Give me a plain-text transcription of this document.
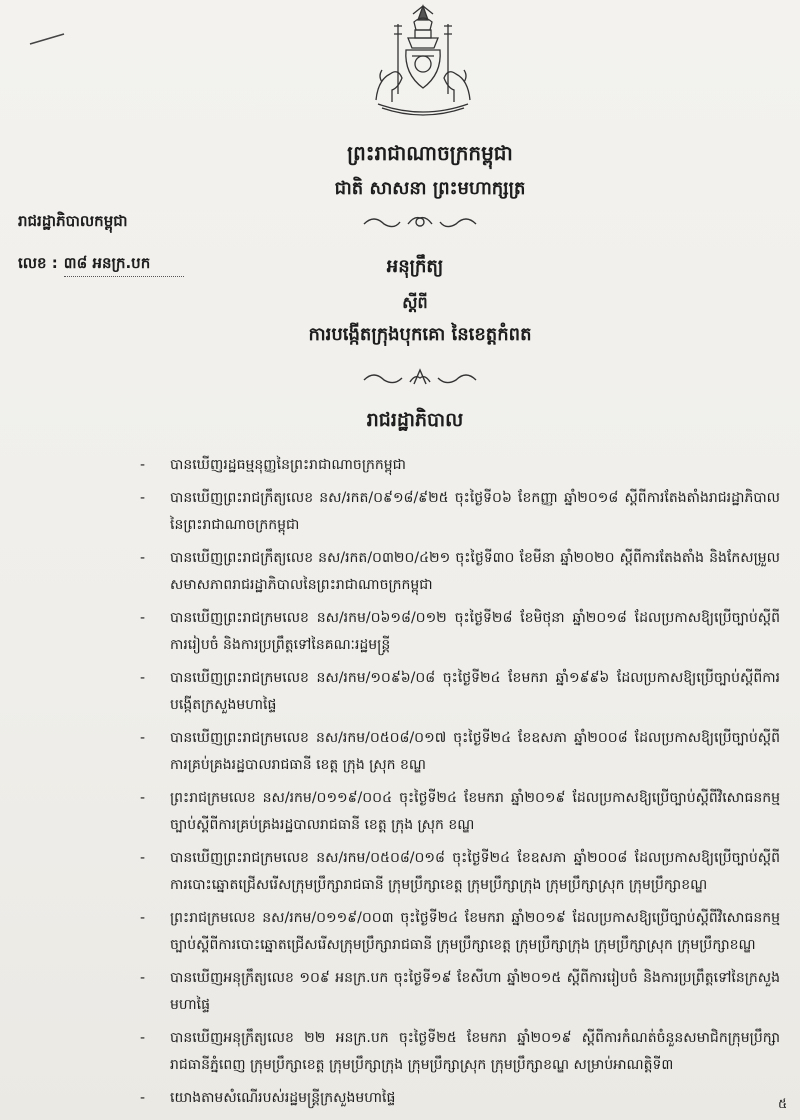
ព្រះរាជាណាចក្រកម្ពុជា
ជាតិ សាសនា ព្រះមហាក្សត្រ
រាជរដ្ឋាភិបាលកម្ពុជា
លេខ : ៣៨ អនក្រ.បក	អនុក្រឹត្យ
ស្តីពី
ការបង្កើតក្រុងបុកគោ នៃខេត្តកំពត
រាជរដ្ឋាភិបាល
- បានឃើញរដ្ឋធម្មនុញ្ញនៃព្រះរាជាណាចក្រកម្ពុជា
- បានឃើញព្រះរាជក្រឹត្យលេខ នស/រកត/០៩១៨/៩២៥ ចុះថ្ងៃទី០៦ ខែកញ្ញា ឆ្នាំ២០១៨ ស្តីពីការតែងតាំងរាជរដ្ឋាភិបាលនៃព្រះរាជាណាចក្រកម្ពុជា
- បានឃើញព្រះរាជក្រឹត្យលេខ នស/រកត/០៣២០/៤២១ ចុះថ្ងៃទី៣០ ខែមីនា ឆ្នាំ២០២០ ស្តីពីការតែងតាំង និងកែសម្រួលសមាសភាពរាជរដ្ឋាភិបាលនៃព្រះរាជាណាចក្រកម្ពុជា
- បានឃើញព្រះរាជក្រមលេខ នស/រកម/០៦១៨/០១២ ចុះថ្ងៃទី២៨ ខែមិថុនា ឆ្នាំ២០១៨ ដែលប្រកាសឱ្យប្រើច្បាប់ស្តីពីការរៀបចំ និងការប្រព្រឹត្តទៅនៃគណៈរដ្ឋមន្ត្រី
- បានឃើញព្រះរាជក្រមលេខ នស/រកម/១០៩៦/០៨ ចុះថ្ងៃទី២៤ ខែមករា ឆ្នាំ១៩៩៦ ដែលប្រកាសឱ្យប្រើច្បាប់ស្តីពីការបង្កើតក្រសួងមហាផ្ទៃ
- បានឃើញព្រះរាជក្រមលេខ នស/រកម/០៥០៨/០១៧ ចុះថ្ងៃទី២៤ ខែឧសភា ឆ្នាំ២០០៨ ដែលប្រកាសឱ្យប្រើច្បាប់ស្តីពីការគ្រប់គ្រងរដ្ឋបាលរាជធានី ខេត្ត ក្រុង ស្រុក ខណ្ឌ
- ព្រះរាជក្រមលេខ នស/រកម/០១១៩/០០៤ ចុះថ្ងៃទី២៤ ខែមករា ឆ្នាំ២០១៩ ដែលប្រកាសឱ្យប្រើច្បាប់ស្តីពីវិសោធនកម្មច្បាប់ស្តីពីការគ្រប់គ្រងរដ្ឋបាលរាជធានី ខេត្ត ក្រុង ស្រុក ខណ្ឌ
- បានឃើញព្រះរាជក្រមលេខ នស/រកម/០៥០៨/០១៨ ចុះថ្ងៃទី២៤ ខែឧសភា ឆ្នាំ២០០៨ ដែលប្រកាសឱ្យប្រើច្បាប់ស្តីពីការបោះឆ្នោតជ្រើសរើសក្រុមប្រឹក្សារាជធានី ក្រុមប្រឹក្សាខេត្ត ក្រុមប្រឹក្សាក្រុង ក្រុមប្រឹក្សាស្រុក ក្រុមប្រឹក្សាខណ្ឌ
- ព្រះរាជក្រមលេខ នស/រកម/០១១៩/០០៣ ចុះថ្ងៃទី២៤ ខែមករា ឆ្នាំ២០១៩ ដែលប្រកាសឱ្យប្រើច្បាប់ស្តីពីវិសោធនកម្មច្បាប់ស្តីពីការបោះឆ្នោតជ្រើសរើសក្រុមប្រឹក្សារាជធានី ក្រុមប្រឹក្សាខេត្ត ក្រុមប្រឹក្សាក្រុង ក្រុមប្រឹក្សាស្រុក ក្រុមប្រឹក្សាខណ្ឌ
- បានឃើញអនុក្រឹត្យលេខ ១០៩ អនក្រ.បក ចុះថ្ងៃទី១៩ ខែសីហា ឆ្នាំ២០១៥ ស្តីពីការរៀបចំ និងការប្រព្រឹត្តទៅនៃក្រសួងមហាផ្ទៃ
- បានឃើញអនុក្រឹត្យលេខ ២២ អនក្រ.បក ចុះថ្ងៃទី២៥ ខែមករា ឆ្នាំ២០១៩ ស្តីពីការកំណត់ចំនួនសមាជិកក្រុមប្រឹក្សារាជធានីភ្នំពេញ ក្រុមប្រឹក្សាខេត្ត ក្រុមប្រឹក្សាក្រុង ក្រុមប្រឹក្សាស្រុក ក្រុមប្រឹក្សាខណ្ឌ សម្រាប់អាណត្តិទី៣
- យោងតាមសំណើរបស់រដ្ឋមន្ត្រីក្រសួងមហាផ្ទៃ	៥
